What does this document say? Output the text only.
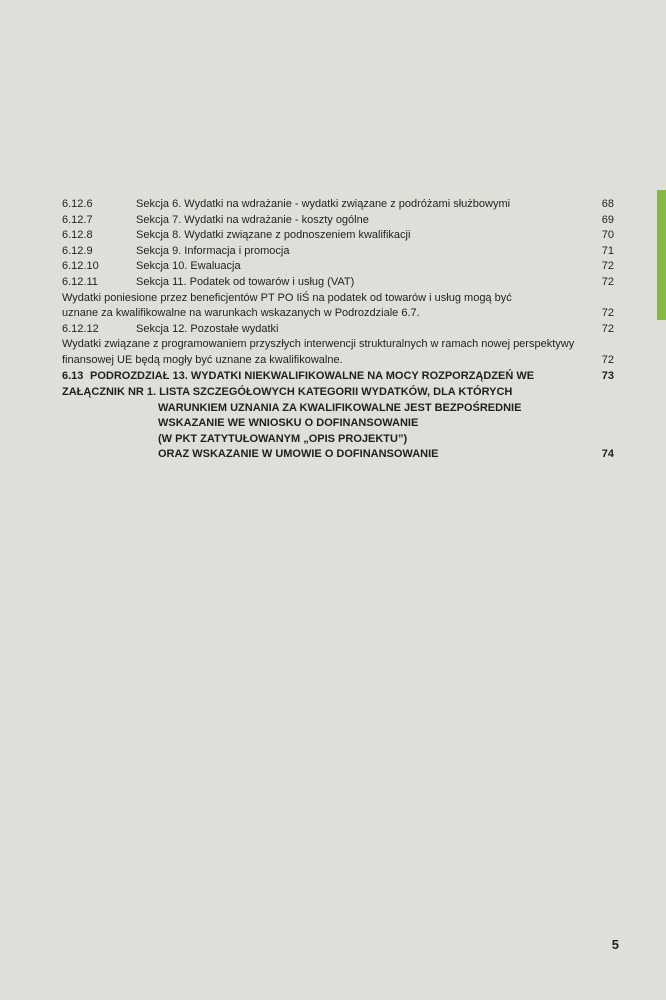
6.12.6	Sekcja 6. Wydatki na wdrażanie - wydatki związane z podróżami służbowymi	68
6.12.7	Sekcja 7. Wydatki na wdrażanie - koszty ogólne	69
6.12.8	Sekcja 8. Wydatki związane z podnoszeniem kwalifikacji	70
6.12.9	Sekcja 9. Informacja i promocja	71
6.12.10	Sekcja 10. Ewaluacja	72
6.12.11	Sekcja 11. Podatek od towarów i usług (VAT)	72
Wydatki poniesione przez beneficjentów PT PO IiŚ na podatek od towarów i usług mogą być
uznane za kwalifikowalne na warunkach wskazanych w Podrozdziale 6.7.	72
6.12.12	Sekcja 12. Pozostałe wydatki	72
Wydatki związane z programowaniem przyszłych interwencji strukturalnych w ramach nowej perspektywy
finansowej UE będą mogły być uznane za kwalifikowalne.	72
6.13 PODROZDZIAŁ 13. WYDATKI NIEKWALIFIKOWALNE NA MOCY ROZPORZĄDZEŃ WE	73
ZAŁĄCZNIK NR 1. LISTA SZCZEGÓŁOWYCH KATEGORII WYDATKÓW, DLA KTÓRYCH
WARUNKIEM UZNANIA ZA KWALIFIKOWALNE JEST BEZPOŚREDNIE
WSKAZANIE WE WNIOSKU O DOFINANSOWANIE
(W PKT ZATYTUŁOWANYM „OPIS PROJEKTU”)
ORAZ WSKAZANIE W UMOWIE O DOFINANSOWANIE	74
5
